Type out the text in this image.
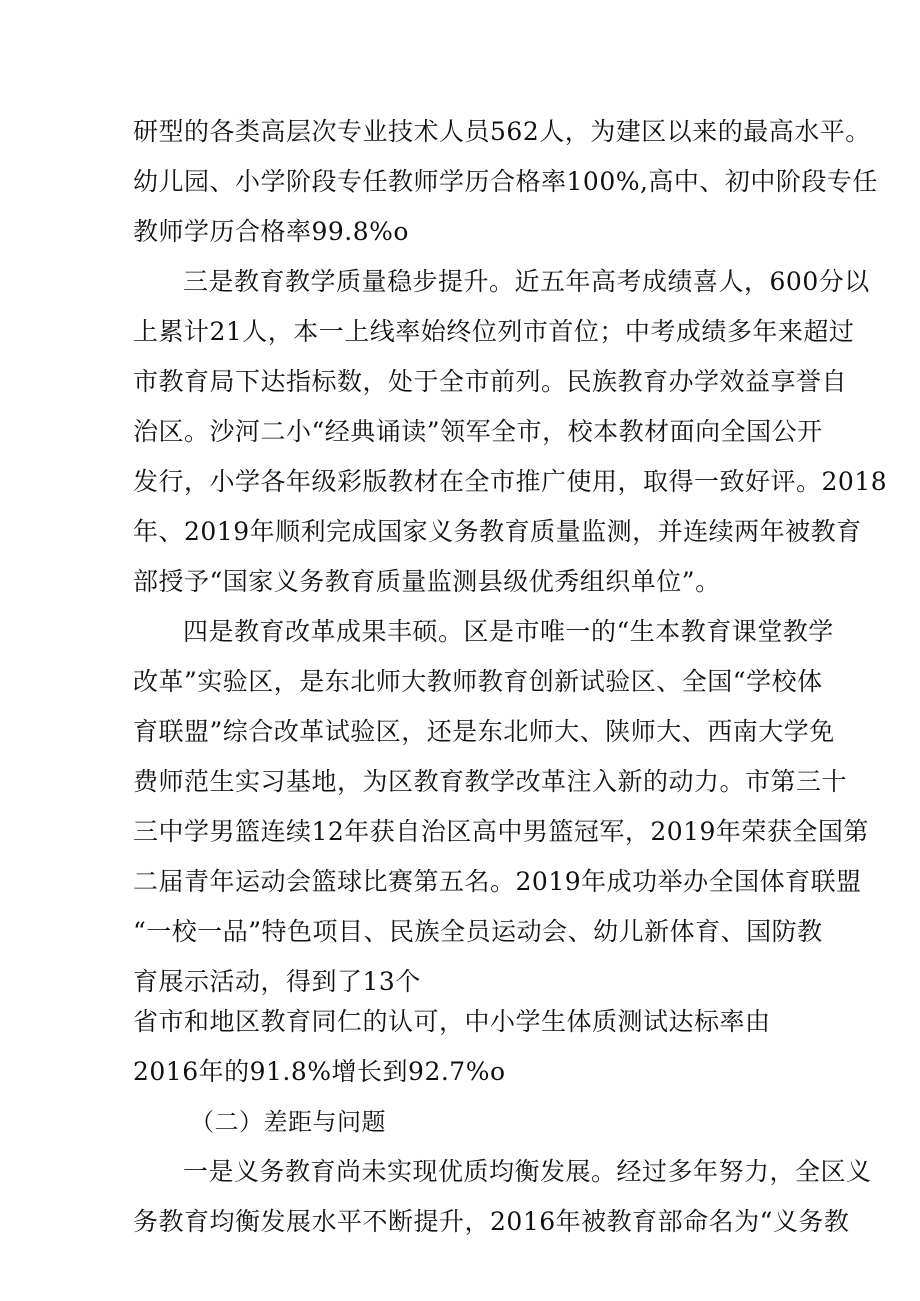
研型的各类高层次专业技术人员562人，为建区以来的最高水平。
幼儿园、小学阶段专任教师学历合格率100%,高中、初中阶段专任
教师学历合格率99.8%o
三是教育教学质量稳步提升。近五年高考成绩喜人，600分以
上累计21人，本一上线率始终位列市首位；中考成绩多年来超过
市教育局下达指标数，处于全市前列。民族教育办学效益享誉自
治区。沙河二小“经典诵读”领军全市，校本教材面向全国公开
发行，小学各年级彩版教材在全市推广使用，取得一致好评。2018
年、2019年顺利完成国家义务教育质量监测，并连续两年被教育
部授予“国家义务教育质量监测县级优秀组织单位”。
四是教育改革成果丰硕。区是市唯一的“生本教育课堂教学
改革”实验区，是东北师大教师教育创新试验区、全国“学校体
育联盟”综合改革试验区，还是东北师大、陕师大、西南大学免
费师范生实习基地，为区教育教学改革注入新的动力。市第三十
三中学男篮连续12年获自治区高中男篮冠军，2019年荣获全国第
二届青年运动会篮球比赛第五名。2019年成功举办全国体育联盟
“一校一品”特色项目、民族全员运动会、幼儿新体育、国防教
育展示活动，得到了13个
省市和地区教育同仁的认可，中小学生体质测试达标率由
2016年的91.8%增长到92.7%o
（二）差距与问题
一是义务教育尚未实现优质均衡发展。经过多年努力，全区义
务教育均衡发展水平不断提升，2016年被教育部命名为“义务教
